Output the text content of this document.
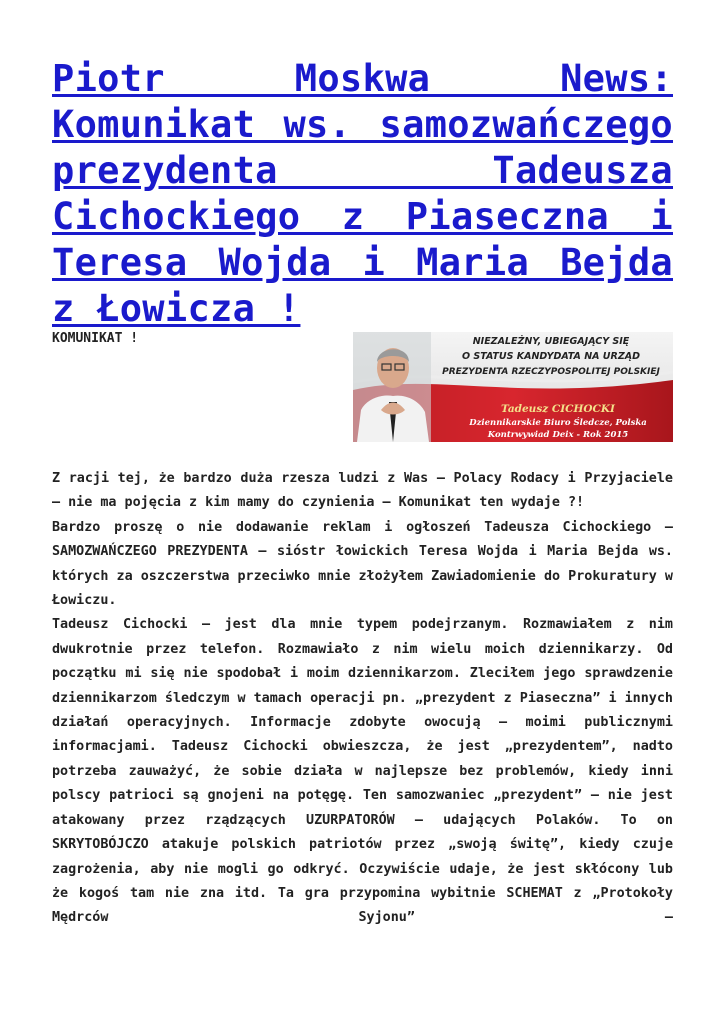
Piotr Moskwa News: Komunikat ws. samozwańczego prezydenta Tadeusza Cichockiego z Piaseczna i Teresa Wojda i Maria Bejda z Łowicza !
KOMUNIKAT !	NIEZALEŻNY, UBIEGAJĄCY SIĘ
O STATUS KANDYDATA NA URZĄD
PREZYDENTA RZECZYPOSPOLITEJ POLSKIEJ
Tadeusz CICHOCKI
Dziennikarskie Biuro Śledcze, Polska
Kontrwywiad Deix - Rok 2015

Z racji tej, że bardzo duża rzesza ludzi z Was – Polacy Rodacy i Przyjaciele – nie ma pojęcia z kim mamy do czynienia – Komunikat ten wydaje ?!

Bardzo proszę o nie dodawanie reklam i ogłoszeń Tadeusza Cichockiego – SAMOZWAŃCZEGO PREZYDENTA – sióstr łowickich Teresa Wojda i Maria Bejda ws. których za oszczerstwa przeciwko mnie złożyłem Zawiadomienie do Prokuratury w Łowiczu.

Tadeusz Cichocki – jest dla mnie typem podejrzanym. Rozmawiałem z nim dwukrotnie przez telefon. Rozmawiało z nim wielu moich dziennikarzy. Od początku mi się nie spodobał i moim dziennikarzom. Zleciłem jego sprawdzenie dziennikarzom śledczym w tamach operacji pn. „prezydent z Piaseczna” i innych działań operacyjnych. Informacje zdobyte owocują – moimi publicznymi informacjami. Tadeusz Cichocki obwieszcza, że jest „prezydentem”, nadto potrzeba zauważyć, że sobie działa w najlepsze bez problemów, kiedy inni polscy patrioci są gnojeni na potęgę. Ten samozwaniec „prezydent” – nie jest atakowany przez rządzących UZURPATORÓW – udających Polaków. To on SKRYTOBÓJCZO atakuje polskich patriotów przez „swoją świtę”, kiedy czuje zagrożenia, aby nie mogli go odkryć. Oczywiście udaje, że jest skłócony lub że kogoś tam nie zna itd. Ta gra przypomina wybitnie SCHEMAT z „Protokoły Mędrców Syjonu” –
